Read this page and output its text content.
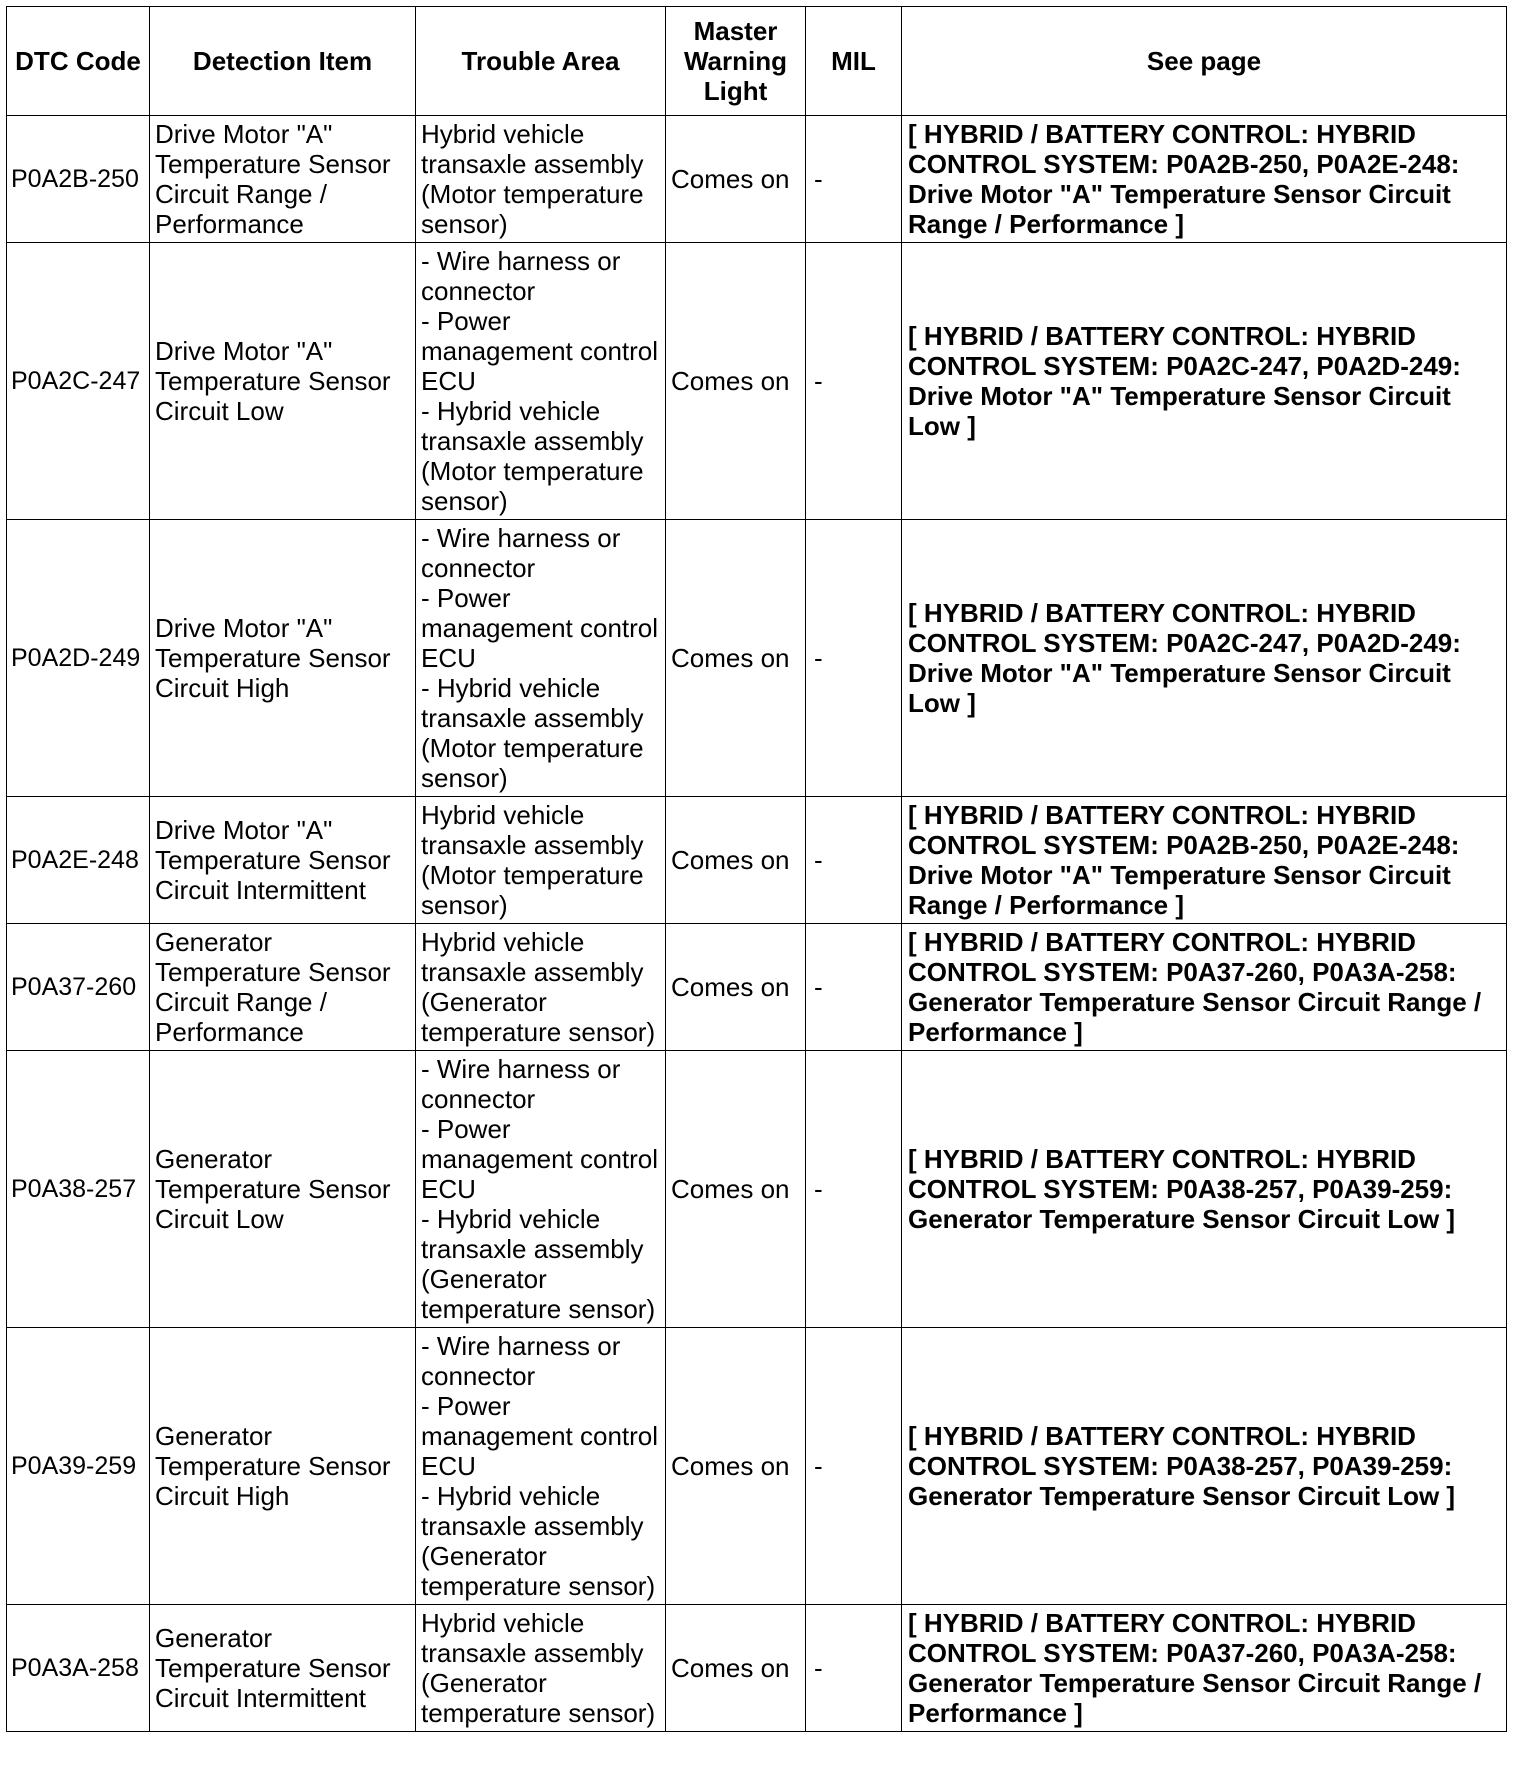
DTC Code	Detection Item	Trouble Area	Master
Warning
Light	MIL	See page
P0A2B-250	Drive Motor "A" Temperature Sensor Circuit Range / Performance	Hybrid vehicle transaxle assembly (Motor temperature sensor)	Comes on	-	[ HYBRID / BATTERY CONTROL: HYBRID CONTROL SYSTEM: P0A2B-250, P0A2E-248: Drive Motor "A" Temperature Sensor Circuit Range / Performance ]
P0A2C-247	Drive Motor "A" Temperature Sensor Circuit Low	- Wire harness or connector
- Power management control ECU
- Hybrid vehicle transaxle assembly (Motor temperature sensor)	Comes on	-	[ HYBRID / BATTERY CONTROL: HYBRID CONTROL SYSTEM: P0A2C-247, P0A2D-249: Drive Motor "A" Temperature Sensor Circuit Low ]
P0A2D-249	Drive Motor "A" Temperature Sensor Circuit High	- Wire harness or connector
- Power management control ECU
- Hybrid vehicle transaxle assembly (Motor temperature sensor)	Comes on	-	[ HYBRID / BATTERY CONTROL: HYBRID CONTROL SYSTEM: P0A2C-247, P0A2D-249: Drive Motor "A" Temperature Sensor Circuit Low ]
P0A2E-248	Drive Motor "A" Temperature Sensor Circuit Intermittent	Hybrid vehicle transaxle assembly (Motor temperature sensor)	Comes on	-	[ HYBRID / BATTERY CONTROL: HYBRID CONTROL SYSTEM: P0A2B-250, P0A2E-248: Drive Motor "A" Temperature Sensor Circuit Range / Performance ]
P0A37-260	Generator Temperature Sensor Circuit Range / Performance	Hybrid vehicle transaxle assembly (Generator temperature sensor)	Comes on	-	[ HYBRID / BATTERY CONTROL: HYBRID CONTROL SYSTEM: P0A37-260, P0A3A-258: Generator Temperature Sensor Circuit Range / Performance ]
P0A38-257	Generator Temperature Sensor Circuit Low	- Wire harness or connector
- Power management control ECU
- Hybrid vehicle transaxle assembly (Generator temperature sensor)	Comes on	-	[ HYBRID / BATTERY CONTROL: HYBRID CONTROL SYSTEM: P0A38-257, P0A39-259: Generator Temperature Sensor Circuit Low ]
P0A39-259	Generator Temperature Sensor Circuit High	- Wire harness or connector
- Power management control ECU
- Hybrid vehicle transaxle assembly (Generator temperature sensor)	Comes on	-	[ HYBRID / BATTERY CONTROL: HYBRID CONTROL SYSTEM: P0A38-257, P0A39-259: Generator Temperature Sensor Circuit Low ]
P0A3A-258	Generator Temperature Sensor Circuit Intermittent	Hybrid vehicle transaxle assembly (Generator temperature sensor)	Comes on	-	[ HYBRID / BATTERY CONTROL: HYBRID CONTROL SYSTEM: P0A37-260, P0A3A-258: Generator Temperature Sensor Circuit Range / Performance ]
